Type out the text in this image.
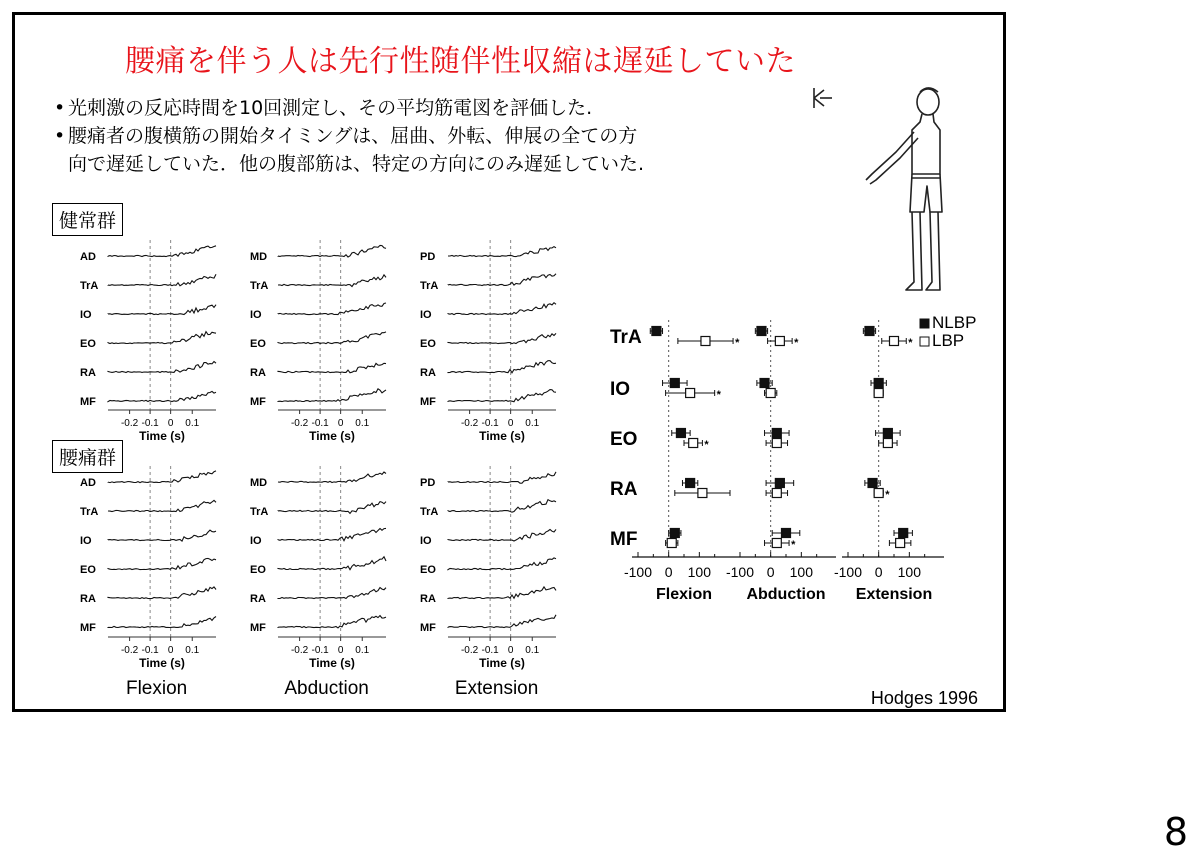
腰痛を伴う人は先行性随伴性収縮は遅延していた
• 光刺激の反応時間を10回測定し、その平均筋電図を評価した.
• 腰痛者の腹横筋の開始タイミングは、屈曲、外転、伸展の全ての方
向で遅延していた．他の腹部筋は、特定の方向にのみ遅延していた.
健常群
腰痛群
AD
TrA
IO
EO
RA
MF
-0.2 -0.1 0 0.1
Time (s)
MD
TrA
IO
EO
RA
MF
-0.2 -0.1 0 0.1
Time (s)
PD
TrA
IO
EO
RA
MF
-0.2 -0.1 0 0.1
Time (s)
AD
TrA
IO
EO
RA
MF
-0.2 -0.1 0 0.1
Time (s)
Flexion
MD
TrA
IO
EO
RA
MF
-0.2 -0.1 0 0.1
Time (s)
Abduction
PD
TrA
IO
EO
RA
MF
-0.2 -0.1 0 0.1
Time (s)
Extension
TrA
IO
EO
RA
MF
-100 0 100
Flexion
*
*
*
-100 0 100
Abduction
*
*
-100 0 100
Extension
*
*
NLBP
LBP
Hodges 1996
8
